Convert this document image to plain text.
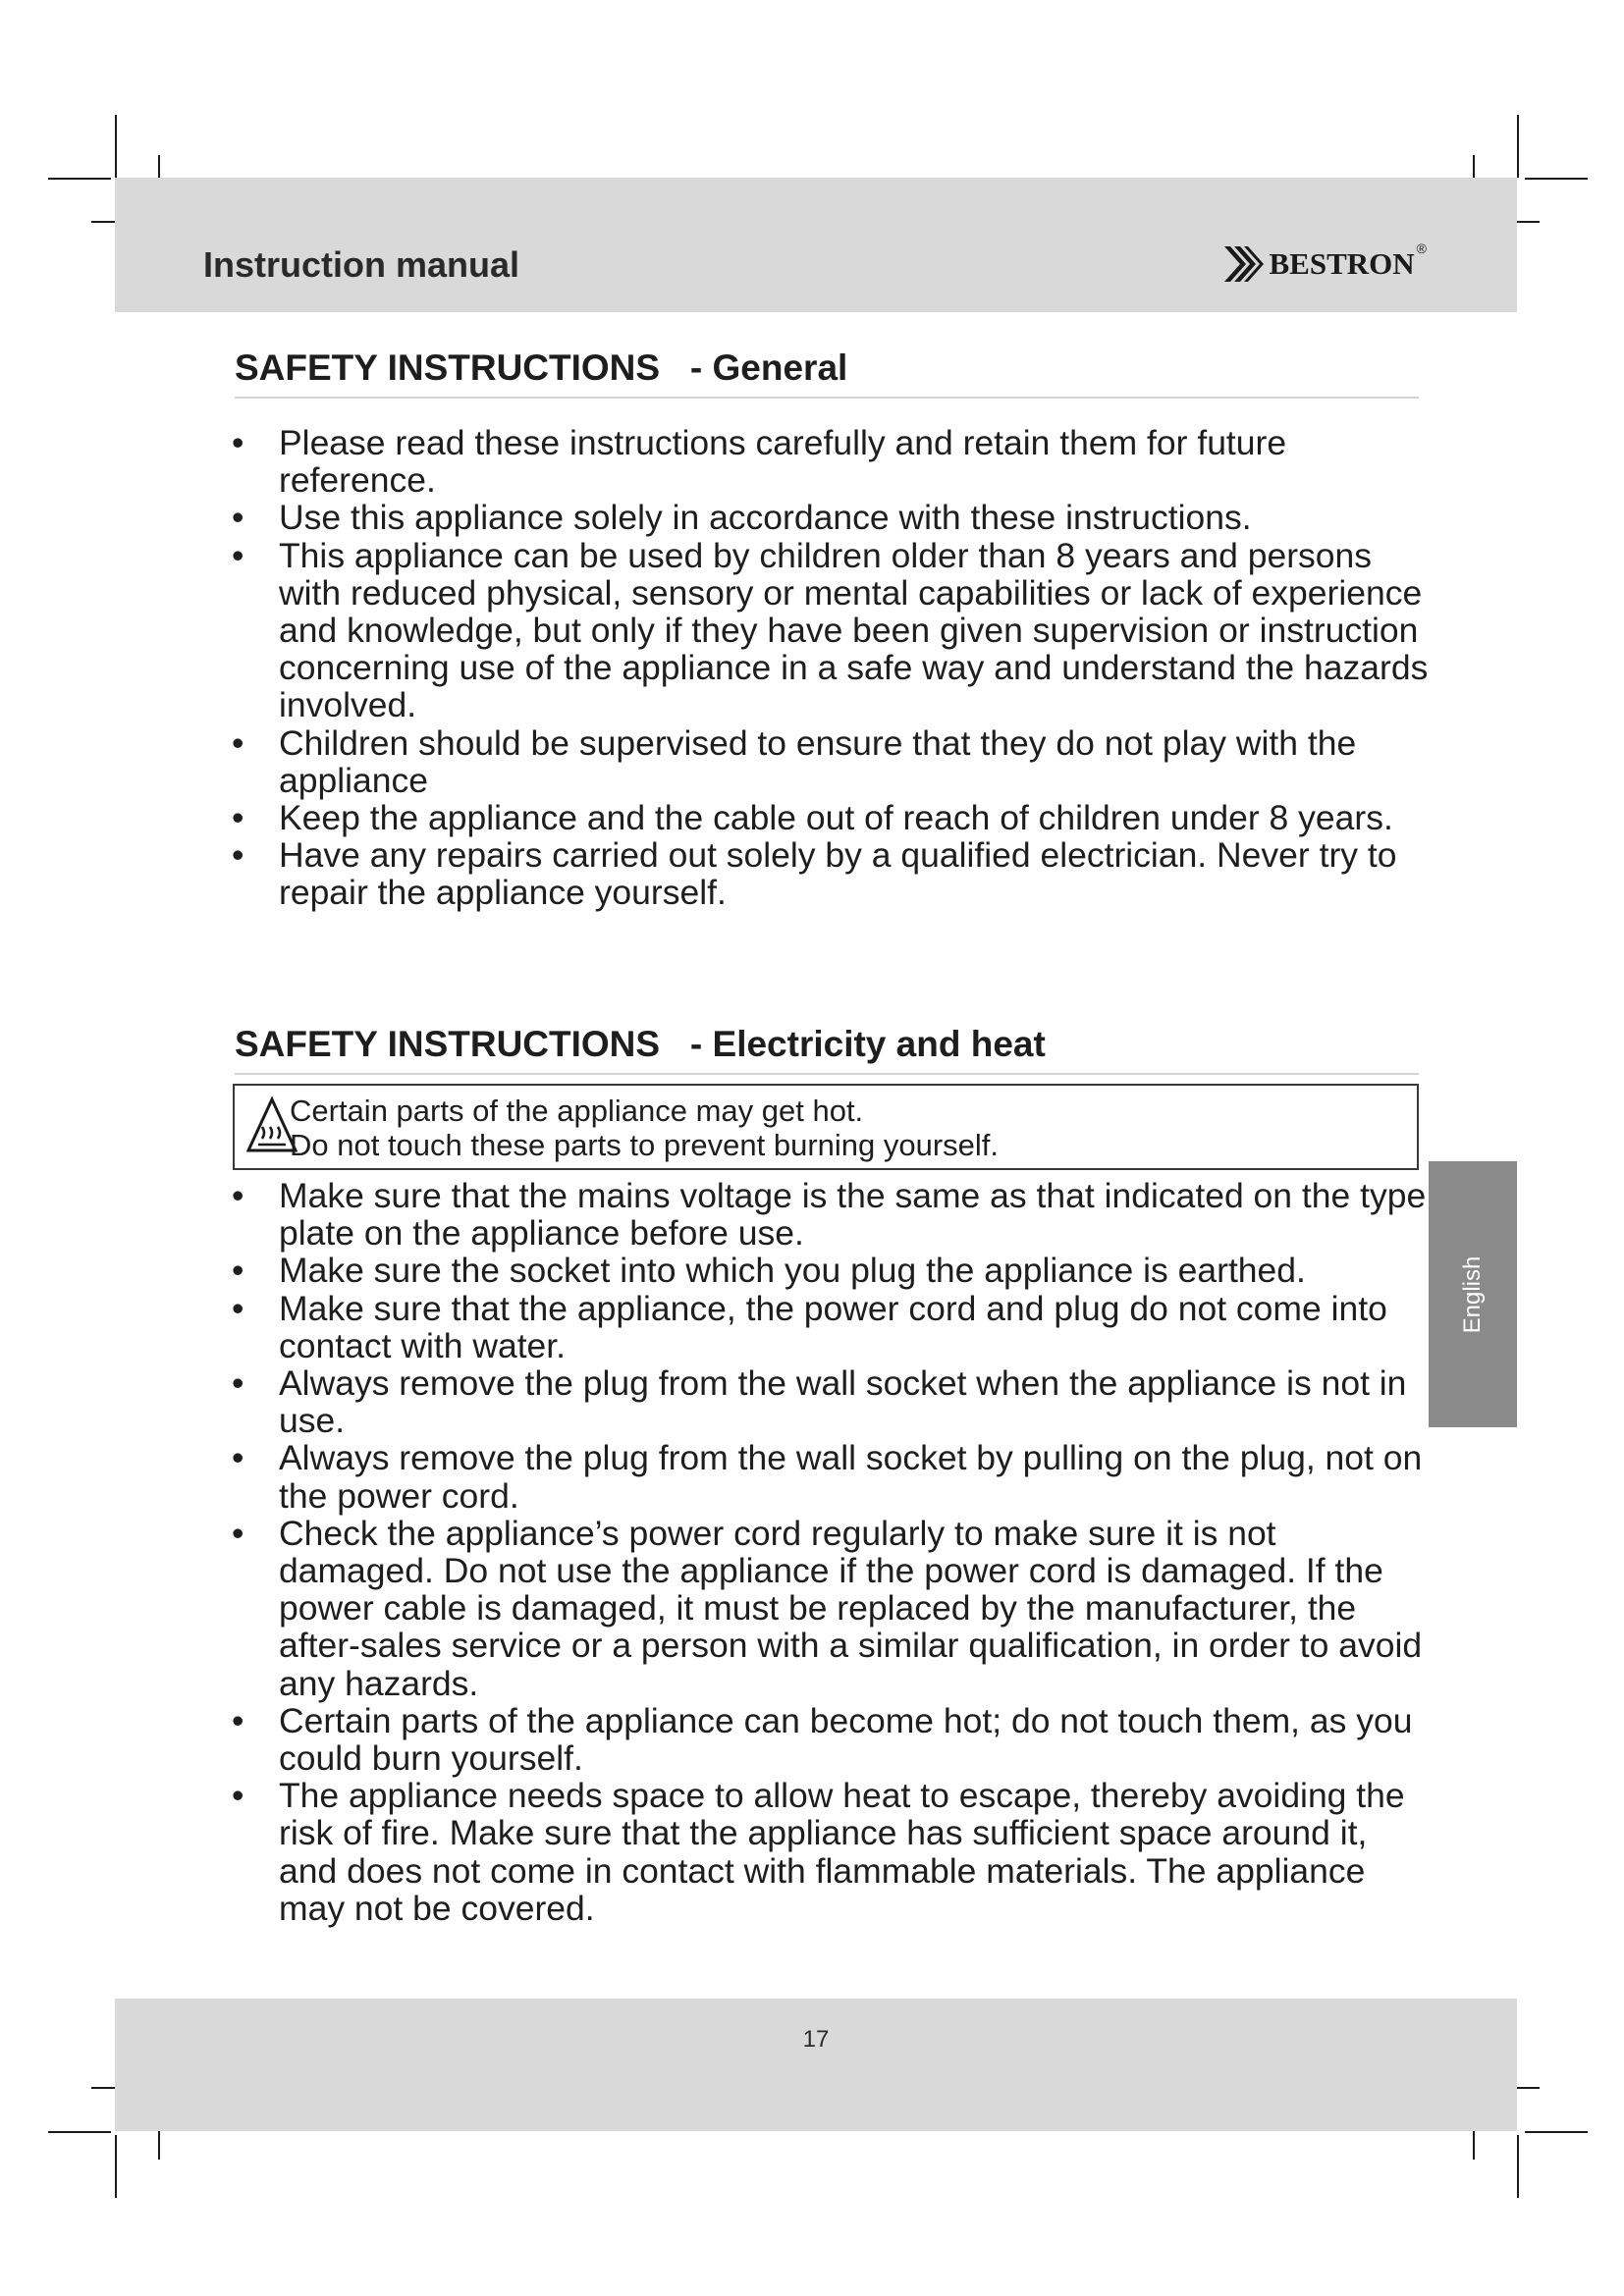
Instruction manual	bestron ®
SAFETY INSTRUCTIONS   - General
• Please read these instructions carefully and retain them for future reference.
• Use this appliance solely in accordance with these instructions.
• This appliance can be used by children older than 8 years and persons with reduced physical, sensory or mental capabilities or lack of experience and knowledge, but only if they have been given supervision or instruction concerning use of the appliance in a safe way and understand the hazards involved.
• Children should be supervised to ensure that they do not play with the appliance
• Keep the appliance and the cable out of reach of children under 8 years.
• Have any repairs carried out solely by a qualified electrician. Never try to repair the appliance yourself.
SAFETY INSTRUCTIONS   - Electricity and heat
Certain parts of the appliance may get hot.
Do not touch these parts to prevent burning yourself.
• Make sure that the mains voltage is the same as that indicated on the type plate on the appliance before use.
• Make sure the socket into which you plug the appliance is earthed.
• Make sure that the appliance, the power cord and plug do not come into contact with water.
• Always remove the plug from the wall socket when the appliance is not in use.
• Always remove the plug from the wall socket by pulling on the plug, not on the power cord.
• Check the appliance’s power cord regularly to make sure it is not damaged. Do not use the appliance if the power cord is damaged. If the power cable is damaged, it must be replaced by the manufacturer, the after-sales service or a person with a similar qualification, in order to avoid any hazards.
• Certain parts of the appliance can become hot; do not touch them, as you could burn yourself.
• The appliance needs space to allow heat to escape, thereby avoiding the risk of fire. Make sure that the appliance has sufficient space around it, and does not come in contact with flammable materials. The appliance may not be covered.
English
17
